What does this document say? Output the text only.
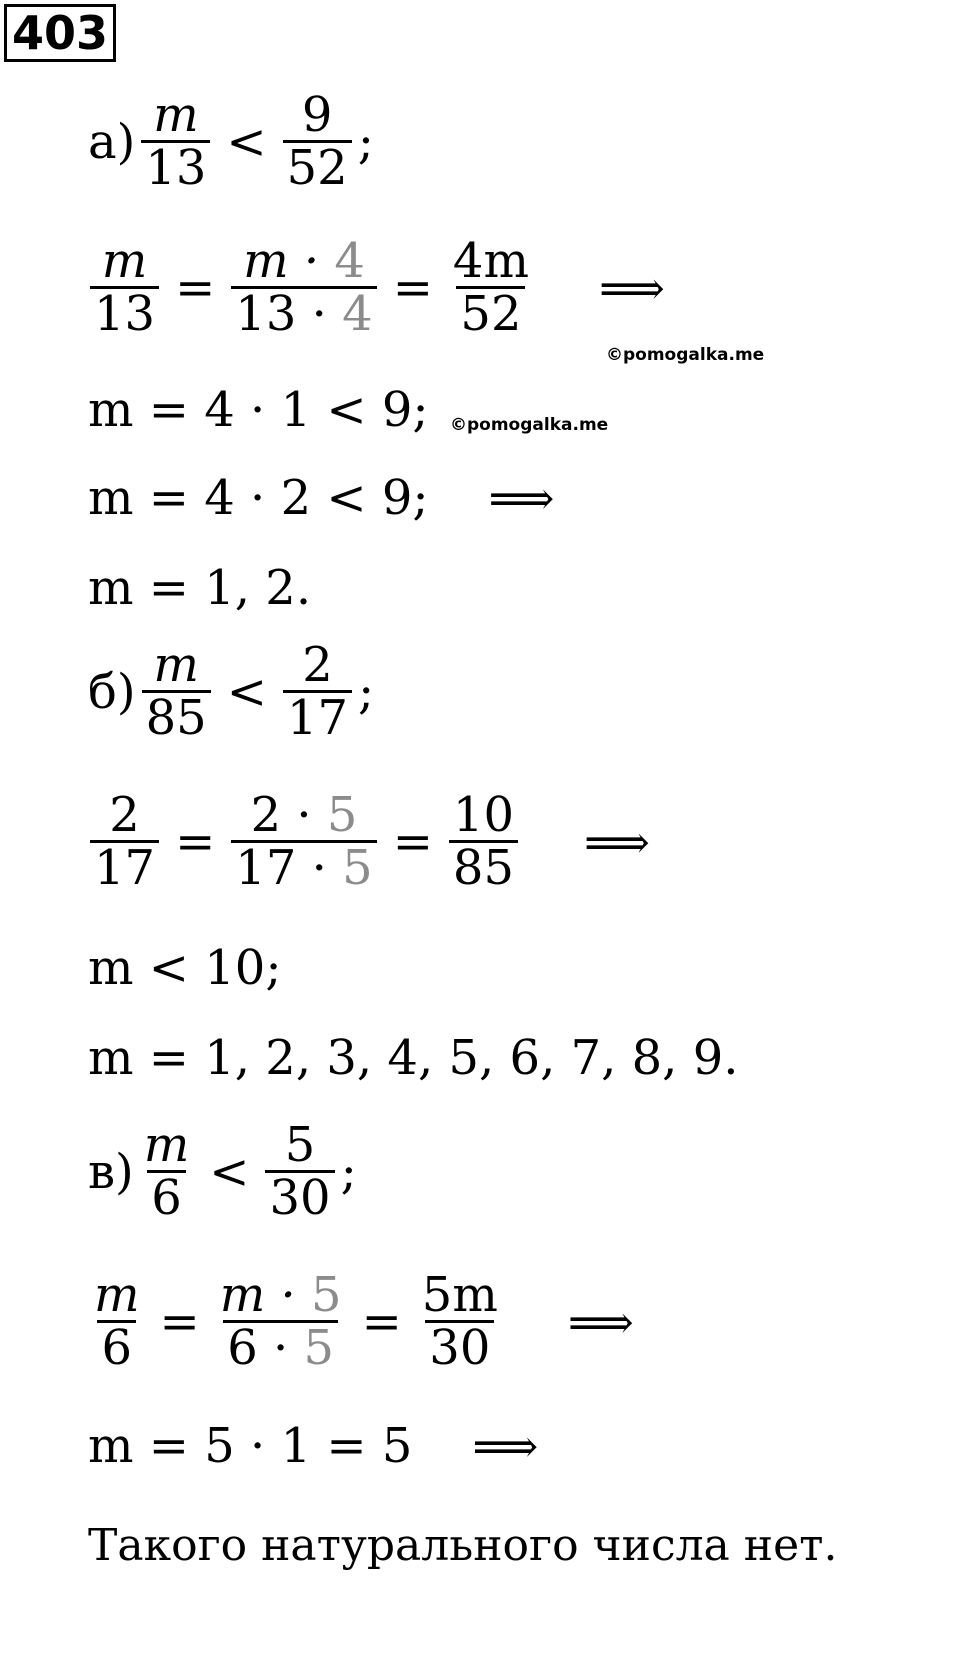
403
$а) \frac{m}{13} < \frac{9}{52}$ ;
$\frac{m}{13} = \frac{m \cdot 4}{13 \cdot 4} = \frac{4m}{52}$ ⟹
©pomogalka.me
m = 4 · 1 < 9; ©pomogalka.me
m = 4 · 2 < 9; ⟹
m = 1, 2.
$б) \frac{m}{85} < \frac{2}{17}$ ;
$\frac{2}{17} = \frac{2 \cdot 5}{17 \cdot 5} = \frac{10}{85}$ ⟹
m < 10;
m = 1, 2, 3, 4, 5, 6, 7, 8, 9.
$в) \frac{m}{6} < \frac{5}{30}$ ;
$\frac{m}{6} = \frac{m \cdot 5}{6 \cdot 5} = \frac{5m}{30}$ ⟹
m = 5 · 1 = 5 ⟹
Такого натурального числа нет.
